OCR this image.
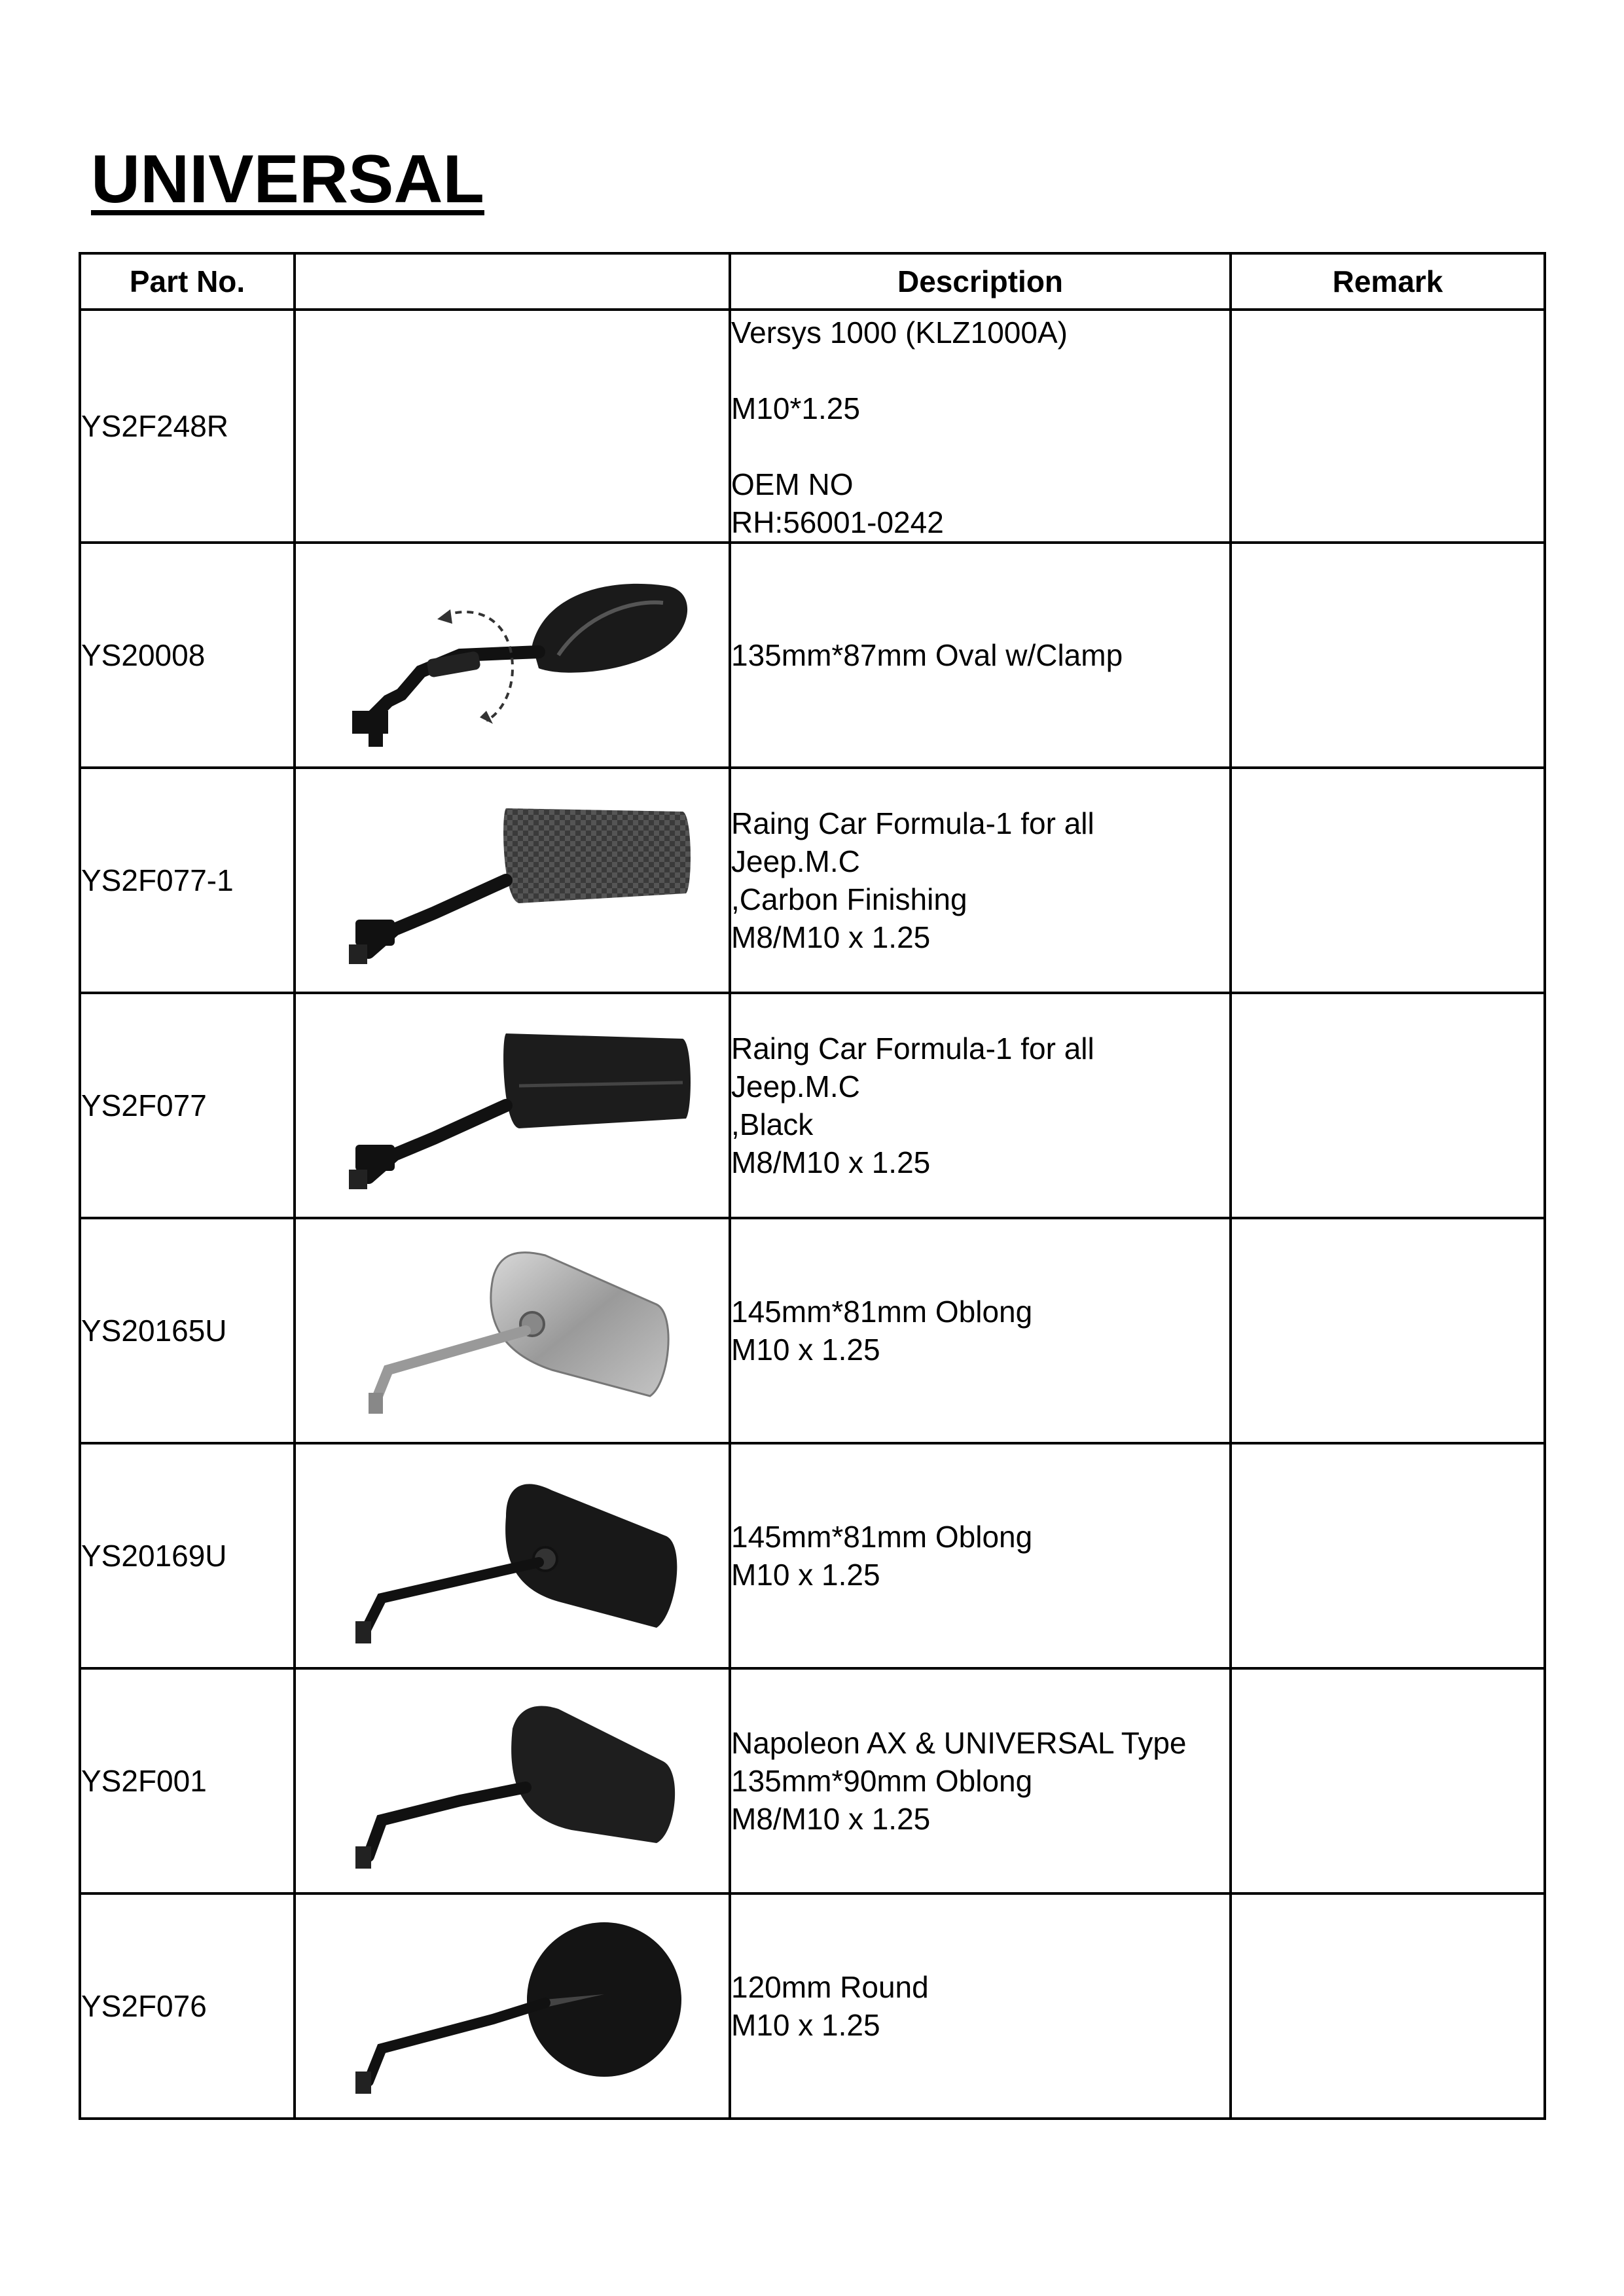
UNIVERSAL
Part No.		Description	Remark
YS2F248R		Versys 1000 (KLZ1000A)
M10*1.25
OEM NO
RH:56001-0242	

YS20008		135mm*87mm Oval w/Clamp	

YS2F077-1		Raing Car Formula-1 for all
Jeep.M.C
,Carbon Finishing
M8/M10 x 1.25	

YS2F077		Raing Car Formula-1 for all
Jeep.M.C
,Black
M8/M10 x 1.25	

YS20165U		145mm*81mm Oblong
M10 x 1.25	

YS20169U		145mm*81mm Oblong
M10 x 1.25	

YS2F001		Napoleon AX & UNIVERSAL Type
135mm*90mm Oblong
M8/M10 x 1.25	

YS2F076		120mm Round
M10 x 1.25	
